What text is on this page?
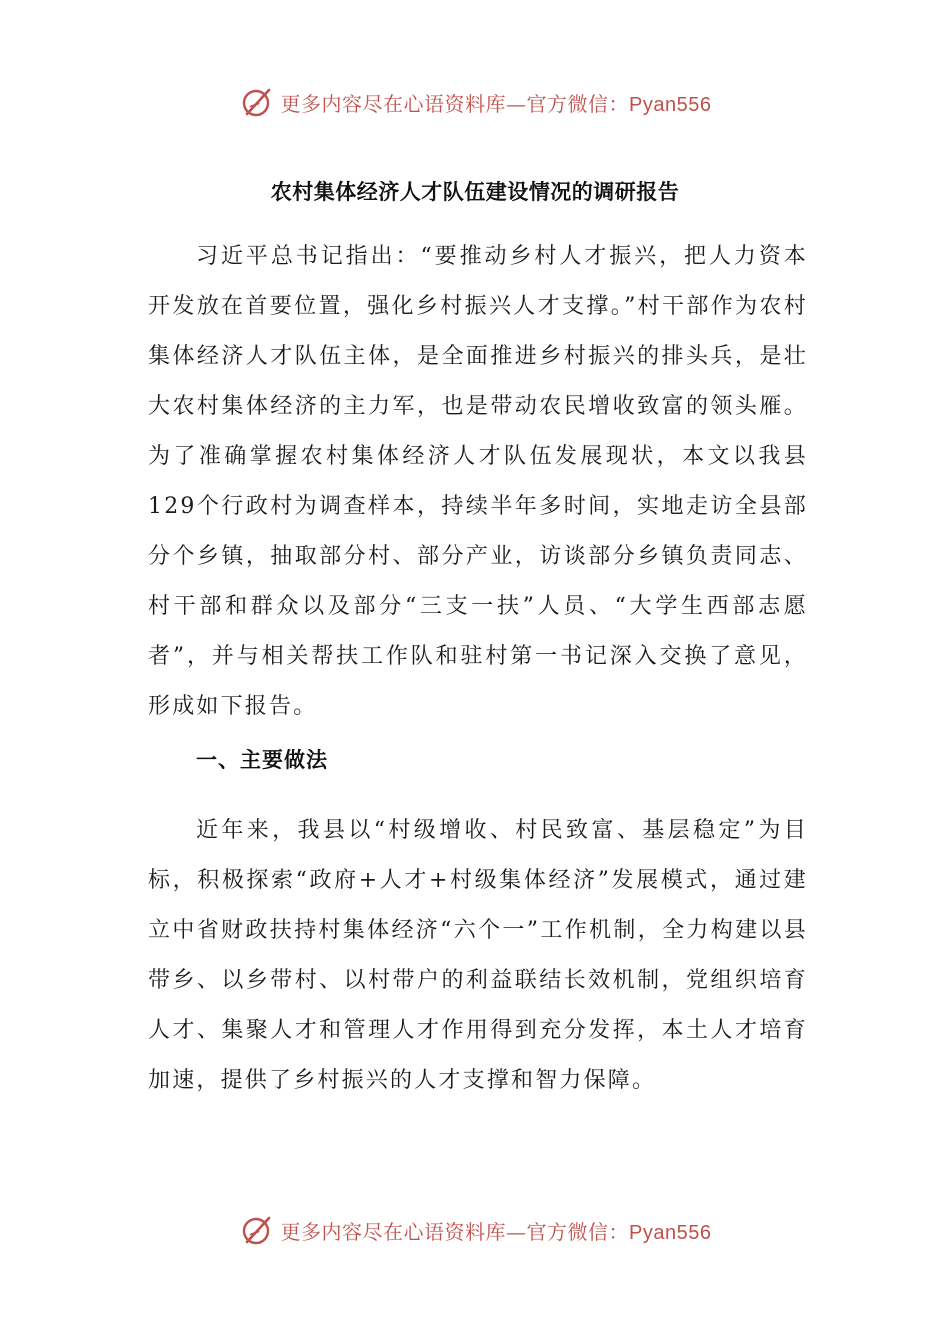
更多内容尽在心语资料库—官方微信：Pyan556
农村集体经济人才队伍建设情况的调研报告

习近平总书记指出：“要推动乡村人才振兴，把人力资本开发放在首要位置，强化乡村振兴人才支撑。”村干部作为农村集体经济人才队伍主体，是全面推进乡村振兴的排头兵，是壮大农村集体经济的主力军，也是带动农民增收致富的领头雁。为了准确掌握农村集体经济人才队伍发展现状，本文以我县129个行政村为调查样本，持续半年多时间，实地走访全县部分个乡镇，抽取部分村、部分产业，访谈部分乡镇负责同志、村干部和群众以及部分“三支一扶”人员、“大学生西部志愿者”，并与相关帮扶工作队和驻村第一书记深入交换了意见，形成如下报告。

一、主要做法

近年来，我县以“村级增收、村民致富、基层稳定”为目标，积极探索“政府+人才+村级集体经济”发展模式，通过建立中省财政扶持村集体经济“六个一”工作机制，全力构建以县带乡、以乡带村、以村带户的利益联结长效机制，党组织培育人才、集聚人才和管理人才作用得到充分发挥，本土人才培育加速，提供了乡村振兴的人才支撑和智力保障。

更多内容尽在心语资料库—官方微信：Pyan556
